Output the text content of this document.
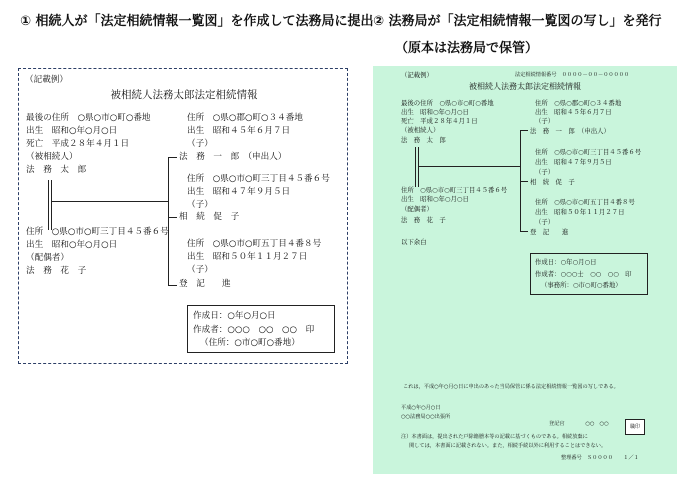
① 相続人が「法定相続情報一覧図」を作成して法務局に提出 ② 法務局が「法定相続情報一覧図の写し」を発行
（原本は法務局で保管）
（記載例）
被相続人法務太郎法定相続情報
最後の住所　○県○市○町○番地
出生　昭和○年○月○日
死亡　平成２８年４月１日
（被相続人）
法　務　太　郎
住所　○県○市○町三丁目４５番６号
出生　昭和○年○月○日
（配偶者）
法　務　花　子
住所　○県○郡○町○３４番地
出生　昭和４５年６月７日
（子）
法　務　一　郎　（申出人）
住所　○県○市○町三丁目４５番６号
出生　昭和４７年９月５日
（子）
相　続　促　子
住所　○県○市○町五丁目４番８号
出生　昭和５０年１１月２７日
（子）
登　記　　進
作成日：○年○月○日
作成者：○○○　○○　○○　印
（住所：○市○町○番地）
（記載例）	法定相続情報番号　００００－００－０００００
被相続人法務太郎法定相続情報
最後の住所　○県○市○町○番地
出生　昭和○年○月○日
死亡　平成２８年４月１日
（被相続人）
法　務　太　郎
住所　○県○市○町三丁目４５番６号
出生　昭和○年○月○日
（配偶者）
法　務　花　子
住所　○県○郡○町○３４番地
出生　昭和４５年６月７日
（子）
法　務　一　郎　（申出人）
住所　○県○市○町三丁目４５番６号
出生　昭和４７年９月５日
（子）
相　続　促　子
住所　○県○市○町五丁目４番８号
出生　昭和５０年１１月２７日
（子）
登　記　　進
以下余白
作成日：○年○月○日
作成者：○○○士　○○　○○　印
（事務所：○市○町○番地）
これは，平成○年○月○日に申出のあった当局保管に係る法定相続情報一覧図の写しである。
平成○年○月○日
○○法務局○○出張所
登記官　　　　○○　○○	職印
注）本書面は，提出された戸除籍謄本等の記載に基づくものである。相続放棄に
関しては，本書面に記載されない。また，相続手続以外に利用することはできない。
整理番号　Ｓ００００　　１／１
